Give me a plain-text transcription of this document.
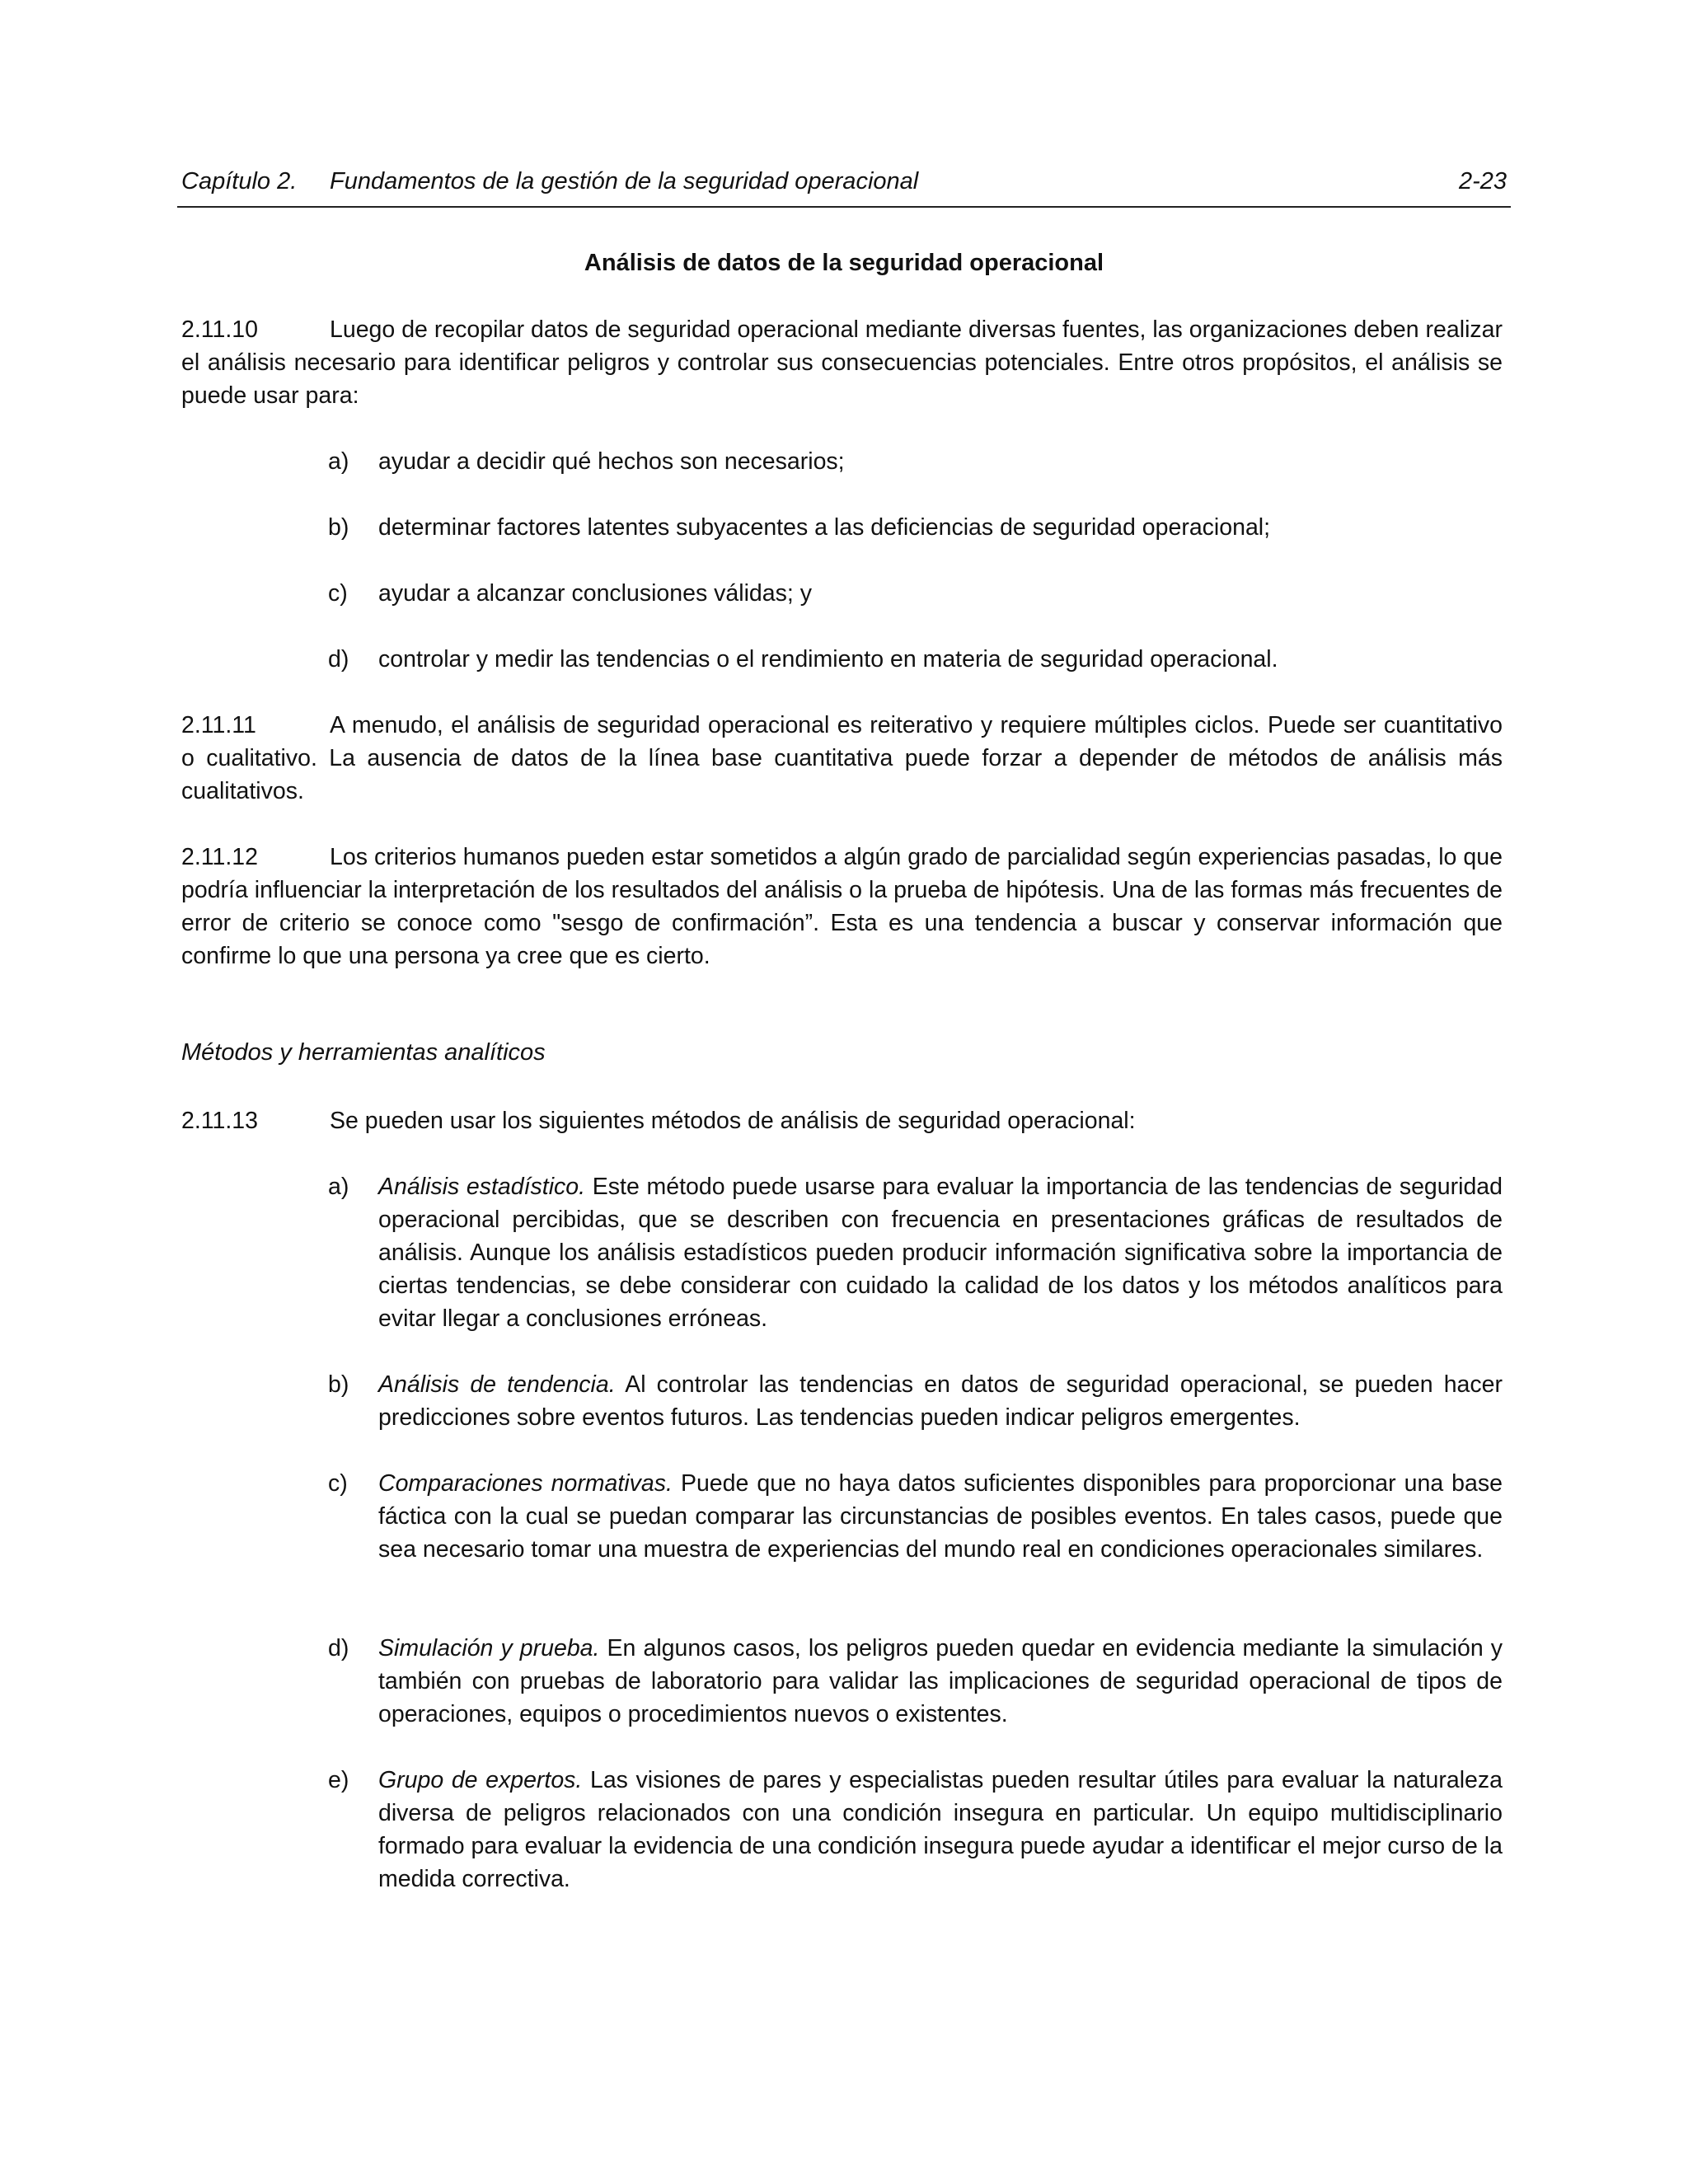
Capítulo 2. Fundamentos de la gestión de la seguridad operacional	2-23
Análisis de datos de la seguridad operacional
2.11.10	Luego de recopilar datos de seguridad operacional mediante diversas fuentes, las organizaciones deben realizar el análisis necesario para identificar peligros y controlar sus consecuencias potenciales. Entre otros propósitos, el análisis se puede usar para:
a) ayudar a decidir qué hechos son necesarios;
b) determinar factores latentes subyacentes a las deficiencias de seguridad operacional;
c) ayudar a alcanzar conclusiones válidas; y
d) controlar y medir las tendencias o el rendimiento en materia de seguridad operacional.
2.11.11	A menudo, el análisis de seguridad operacional es reiterativo y requiere múltiples ciclos. Puede ser cuantitativo o cualitativo. La ausencia de datos de la línea base cuantitativa puede forzar a depender de métodos de análisis más cualitativos.
2.11.12	Los criterios humanos pueden estar sometidos a algún grado de parcialidad según experiencias pasadas, lo que podría influenciar la interpretación de los resultados del análisis o la prueba de hipótesis. Una de las formas más frecuentes de error de criterio se conoce como "sesgo de confirmación”. Esta es una tendencia a buscar y conservar información que confirme lo que una persona ya cree que es cierto.
Métodos y herramientas analíticos
2.11.13	Se pueden usar los siguientes métodos de análisis de seguridad operacional:
a) Análisis estadístico. Este método puede usarse para evaluar la importancia de las tendencias de seguridad operacional percibidas, que se describen con frecuencia en presentaciones gráficas de resultados de análisis. Aunque los análisis estadísticos pueden producir información significativa sobre la importancia de ciertas tendencias, se debe considerar con cuidado la calidad de los datos y los métodos analíticos para evitar llegar a conclusiones erróneas.
b) Análisis de tendencia. Al controlar las tendencias en datos de seguridad operacional, se pueden hacer predicciones sobre eventos futuros. Las tendencias pueden indicar peligros emergentes.
c) Comparaciones normativas. Puede que no haya datos suficientes disponibles para proporcionar una base fáctica con la cual se puedan comparar las circunstancias de posibles eventos. En tales casos, puede que sea necesario tomar una muestra de experiencias del mundo real en condiciones operacionales similares.
d) Simulación y prueba. En algunos casos, los peligros pueden quedar en evidencia mediante la simulación y también con pruebas de laboratorio para validar las implicaciones de seguridad operacional de tipos de operaciones, equipos o procedimientos nuevos o existentes.
e) Grupo de expertos. Las visiones de pares y especialistas pueden resultar útiles para evaluar la naturaleza diversa de peligros relacionados con una condición insegura en particular. Un equipo multidisciplinario formado para evaluar la evidencia de una condición insegura puede ayudar a identificar el mejor curso de la medida correctiva.
